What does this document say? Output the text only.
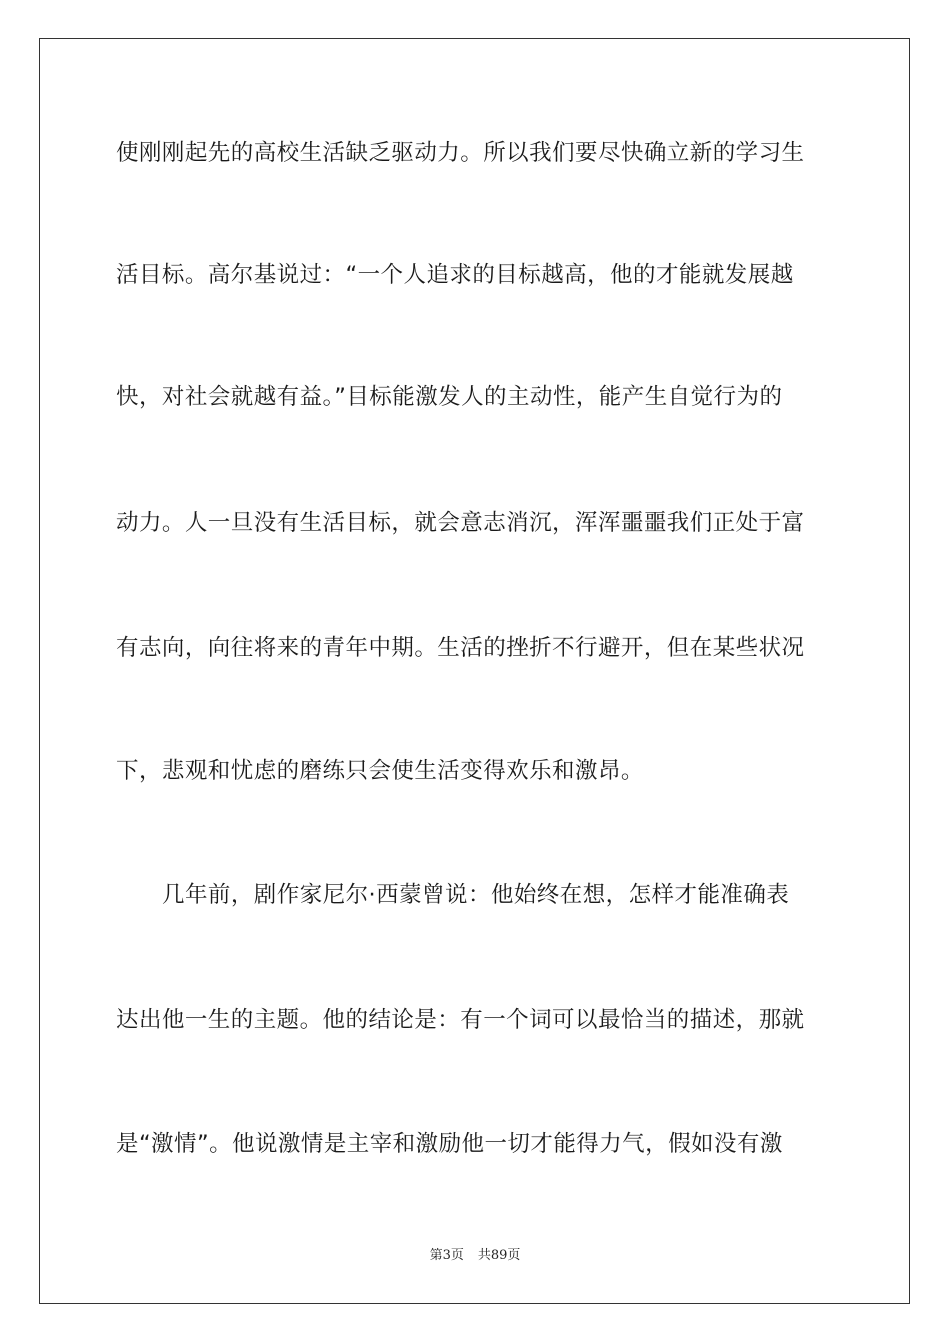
使刚刚起先的高校生活缺乏驱动力。所以我们要尽快确立新的学习生
活目标。高尔基说过：“一个人追求的目标越高，他的才能就发展越
快，对社会就越有益。”目标能激发人的主动性，能产生自觉行为的
动力。人一旦没有生活目标，就会意志消沉，浑浑噩噩我们正处于富
有志向，向往将来的青年中期。生活的挫折不行避开，但在某些状况
下，悲观和忧虑的磨练只会使生活变得欢乐和激昂。
几年前，剧作家尼尔·西蒙曾说：他始终在想，怎样才能准确表
达出他一生的主题。他的结论是：有一个词可以最恰当的描述，那就
是“激情”。他说激情是主宰和激励他一切才能得力气，假如没有激
第3页 共89页
